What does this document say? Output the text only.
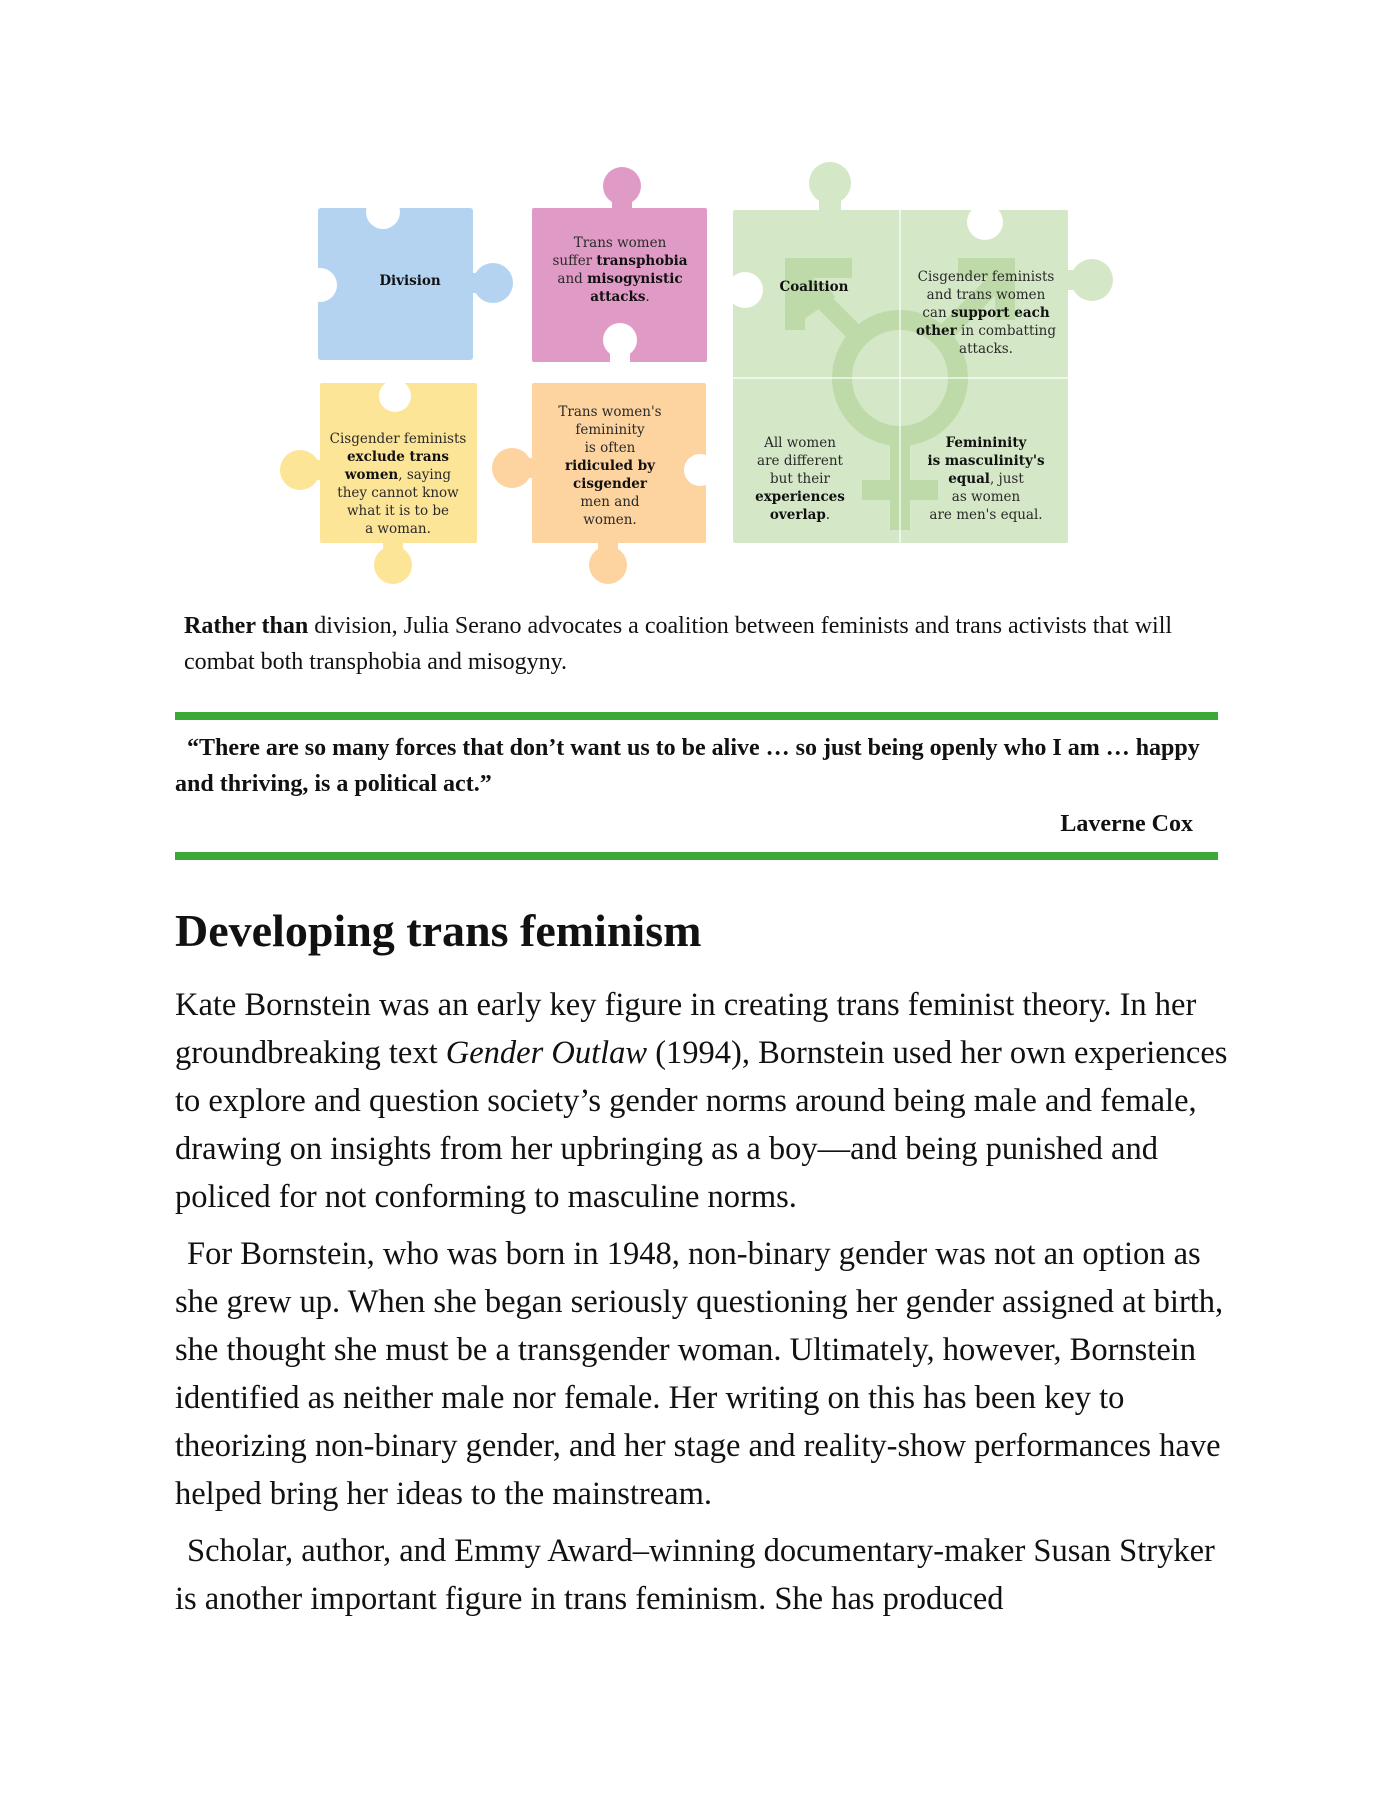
Division
Trans women
suffer transphobia
and misogynistic
attacks.
Cisgender feminists
exclude trans
women, saying
they cannot know
what it is to be
a woman.
Trans women's
femininity
is often
ridiculed by
cisgender
men and
women.
Coalition
Cisgender feminists
and trans women
can support each
other in combatting
attacks.
All women
are different
but their
experiences
overlap.
Femininity
is masculinity's
equal, just
as women
are men's equal.
Rather than division, Julia Serano advocates a coalition between feminists and trans activists that will combat both transphobia and misogyny.
“There are so many forces that don’t want us to be alive … so just being openly who I am … happy and thriving, is a political act.”
Laverne Cox
Developing trans feminism

Kate Bornstein was an early key figure in creating trans feminist theory. In her groundbreaking text Gender Outlaw (1994), Bornstein used her own experiences to explore and question society’s gender norms around being male and female, drawing on insights from her upbringing as a boy—and being punished and policed for not conforming to masculine norms.

For Bornstein, who was born in 1948, non-binary gender was not an option as she grew up. When she began seriously questioning her gender assigned at birth, she thought she must be a transgender woman. Ultimately, however, Bornstein identified as neither male nor female. Her writing on this has been key to theorizing non-binary gender, and her stage and reality-show performances have helped bring her ideas to the mainstream.

Scholar, author, and Emmy Award–winning documentary-maker Susan Stryker is another important figure in trans feminism. She has produced
